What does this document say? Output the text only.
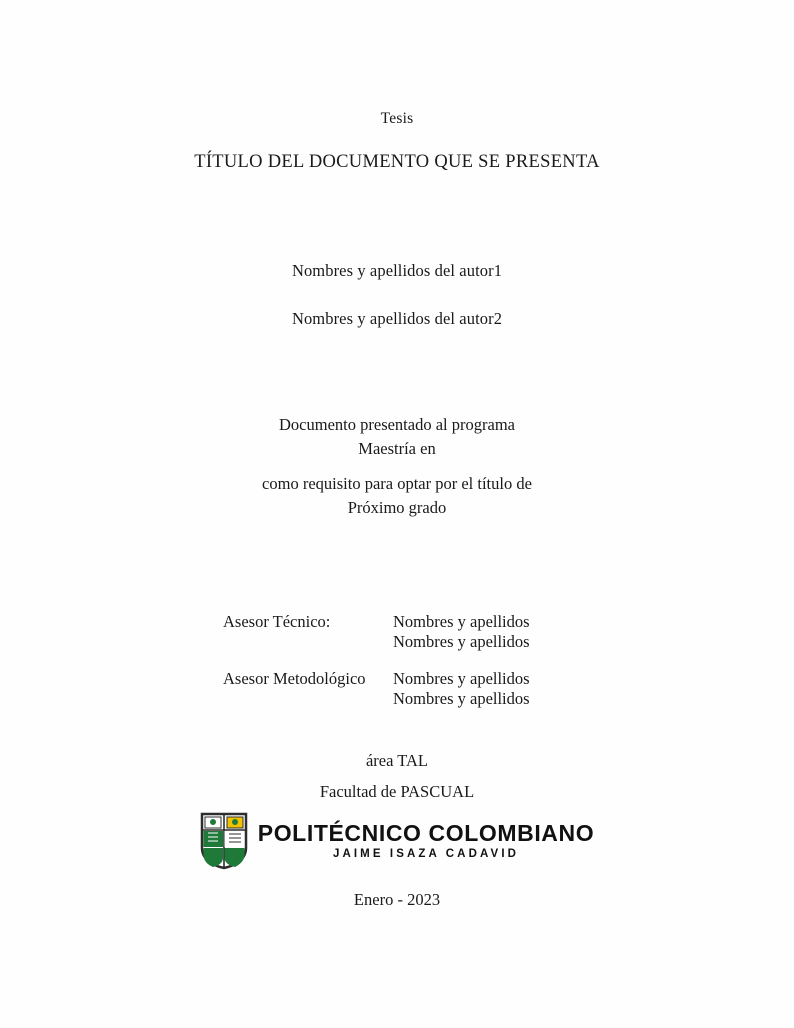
Tesis
TÍTULO DEL DOCUMENTO QUE SE PRESENTA
Nombres y apellidos del autor1
Nombres y apellidos del autor2
Documento presentado al programa
Maestría en
como requisito para optar por el título de
Próximo grado
Asesor Técnico:	Nombres y apellidos
Nombres y apellidos
Asesor Metodológico	Nombres y apellidos
Nombres y apellidos
área TAL
Facultad de PASCUAL
POLITÉCNICO COLOMBIANO
JAIME ISAZA CADAVID
Enero - 2023
